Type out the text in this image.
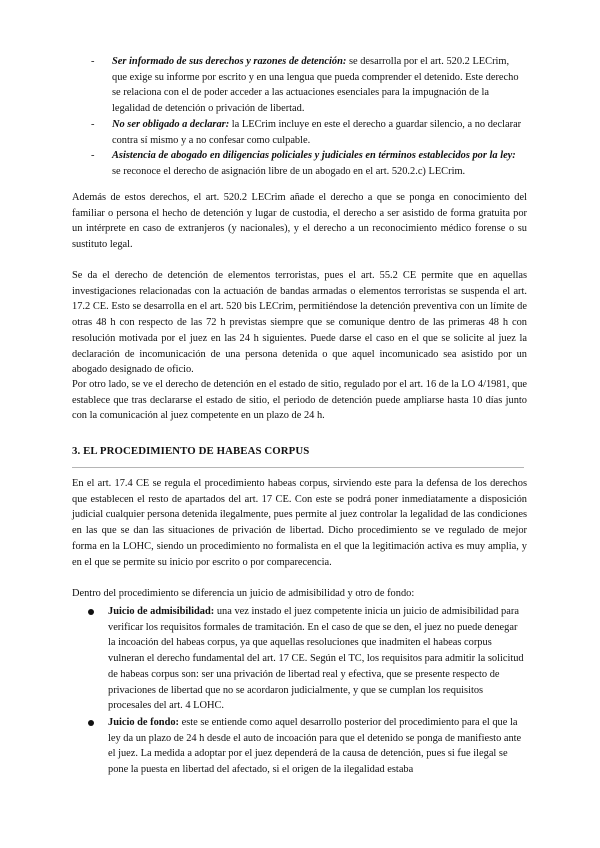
- Ser informado de sus derechos y razones de detención: se desarrolla por el art. 520.2 LECrim, que exige su informe por escrito y en una lengua que pueda comprender el detenido. Este derecho se relaciona con el de poder acceder a las actuaciones esenciales para la impugnación de la legalidad de detención o privación de libertad.
- No ser obligado a declarar: la LECrim incluye en este el derecho a guardar silencio, a no declarar contra sí mismo y a no confesar como culpable.
- Asistencia de abogado en diligencias policiales y judiciales en términos establecidos por la ley: se reconoce el derecho de asignación libre de un abogado en el art. 520.2.c) LECrim.

Además de estos derechos, el art. 520.2 LECrim añade el derecho a que se ponga en conocimiento del familiar o persona el hecho de detención y lugar de custodia, el derecho a ser asistido de forma gratuita por un intérprete en caso de extranjeros (y nacionales), y el derecho a un reconocimiento médico forense o su sustituto legal.

Se da el derecho de detención de elementos terroristas, pues el art. 55.2 CE permite que en aquellas investigaciones relacionadas con la actuación de bandas armadas o elementos terroristas se suspenda el art. 17.2 CE. Esto se desarrolla en el art. 520 bis LECrim, permitiéndose la detención preventiva con un límite de otras 48 h con respecto de las 72 h previstas siempre que se comunique dentro de las primeras 48 h con resolución motivada por el juez en las 24 h siguientes. Puede darse el caso en el que se solicite al juez la declaración de incomunicación de una persona detenida o que aquel incomunicado sea asistido por un abogado designado de oficio.

Por otro lado, se ve el derecho de detención en el estado de sitio, regulado por el art. 16 de la LO 4/1981, que establece que tras declararse el estado de sitio, el periodo de detención puede ampliarse hasta 10 días junto con la comunicación al juez competente en un plazo de 24 h.

3. EL PROCEDIMIENTO DE HABEAS CORPUS

En el art. 17.4 CE se regula el procedimiento habeas corpus, sirviendo este para la defensa de los derechos que establecen el resto de apartados del art. 17 CE. Con este se podrá poner inmediatamente a disposición judicial cualquier persona detenida ilegalmente, pues permite al juez controlar la legalidad de las condiciones en las que se dan las situaciones de privación de libertad. Dicho procedimiento se ve regulado de mejor forma en la LOHC, siendo un procedimiento no formalista en el que la legitimación activa es muy amplia, y en el que se permite su inicio por escrito o por comparecencia.

Dentro del procedimiento se diferencia un juicio de admisibilidad y otro de fondo:

Juicio de admisibilidad: una vez instado el juez competente inicia un juicio de admisibilidad para verificar los requisitos formales de tramitación. En el caso de que se den, el juez no puede denegar la incoación del habeas corpus, ya que aquellas resoluciones que inadmiten el habeas corpus vulneran el derecho fundamental del art. 17 CE. Según el TC, los requisitos para admitir la solicitud de habeas corpus son: ser una privación de libertad real y efectiva, que se presente respecto de privaciones de libertad que no se acordaron judicialmente, y que se cumplan los requisitos procesales del art. 4 LOHC.
Juicio de fondo: este se entiende como aquel desarrollo posterior del procedimiento para el que la ley da un plazo de 24 h desde el auto de incoación para que el detenido se ponga de manifiesto ante el juez. La medida a adoptar por el juez dependerá de la causa de detención, pues si fue ilegal se pone la puesta en libertad del afectado, si el origen de la ilegalidad estaba
